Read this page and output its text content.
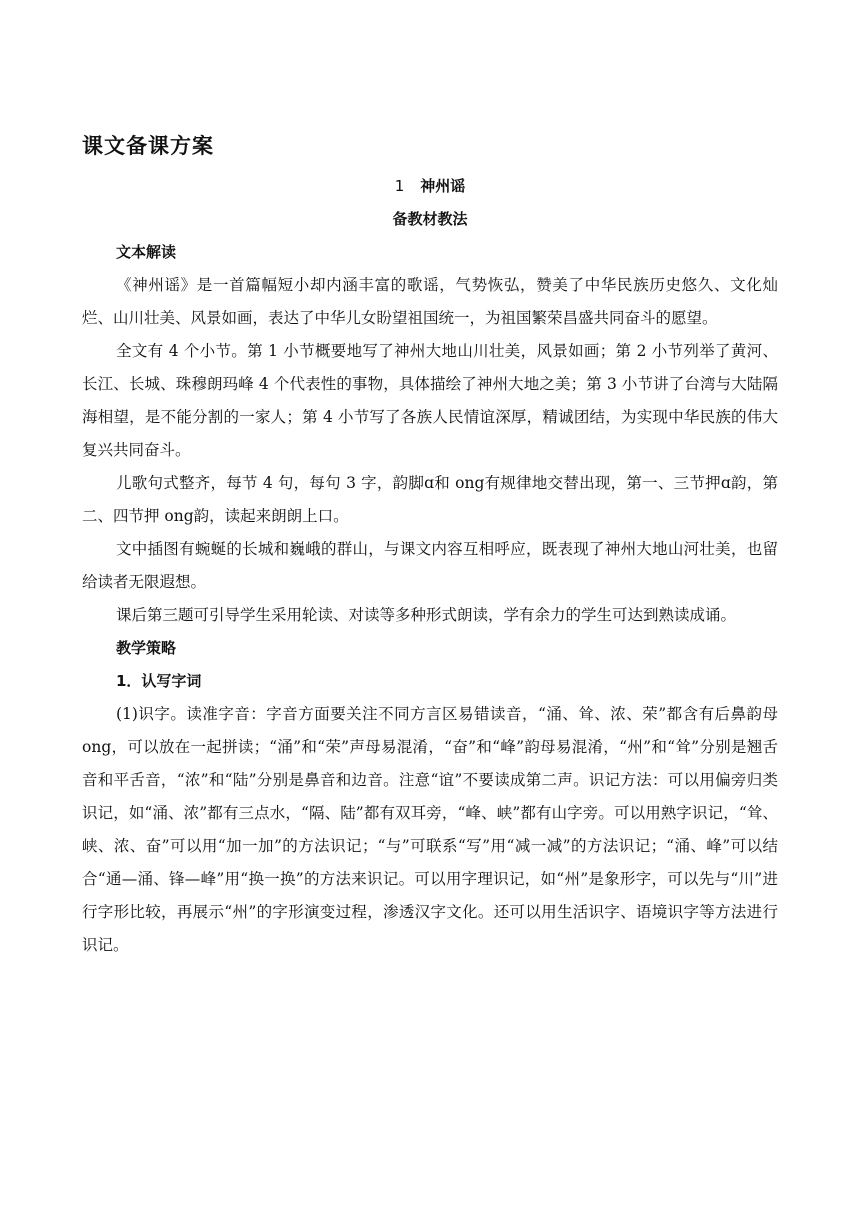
课文备课方案

1 神州谣

备教材教法

文本解读

《神州谣》是一首篇幅短小却内涵丰富的歌谣，气势恢弘，赞美了中华民族历史悠久、文化灿烂、山川壮美、风景如画，表达了中华儿女盼望祖国统一，为祖国繁荣昌盛共同奋斗的愿望。

全文有 4 个小节。第 1 小节概要地写了神州大地山川壮美，风景如画；第 2 小节列举了黄河、长江、长城、珠穆朗玛峰 4 个代表性的事物，具体描绘了神州大地之美；第 3 小节讲了台湾与大陆隔海相望，是不能分割的一家人；第 4 小节写了各族人民情谊深厚，精诚团结，为实现中华民族的伟大复兴共同奋斗。

儿歌句式整齐，每节 4 句，每句 3 字，韵脚ɑ和 ong有规律地交替出现，第一、三节押ɑ韵，第二、四节押 ong韵，读起来朗朗上口。

文中插图有蜿蜒的长城和巍峨的群山，与课文内容互相呼应，既表现了神州大地山河壮美，也留给读者无限遐想。

课后第三题可引导学生采用轮读、对读等多种形式朗读，学有余力的学生可达到熟读成诵。

教学策略

1．认写字词

(1)识字。读准字音：字音方面要关注不同方言区易错读音，“涌、耸、浓、荣”都含有后鼻韵母 ong，可以放在一起拼读；“涌”和“荣”声母易混淆，“奋”和“峰”韵母易混淆，“州”和“耸”分别是翘舌音和平舌音，“浓”和“陆”分别是鼻音和边音。注意“谊”不要读成第二声。识记方法：可以用偏旁归类识记，如“涌、浓”都有三点水，“隔、陆”都有双耳旁，“峰、峡”都有山字旁。可以用熟字识记，“耸、峡、浓、奋”可以用“加一加”的方法识记；“与”可联系“写”用“减一减”的方法识记；“涌、峰”可以结合“通—涌、锋—峰”用“换一换”的方法来识记。可以用字理识记，如“州”是象形字，可以先与“川”进行字形比较，再展示“州”的字形演变过程，渗透汉字文化。还可以用生活识字、语境识字等方法进行识记。
